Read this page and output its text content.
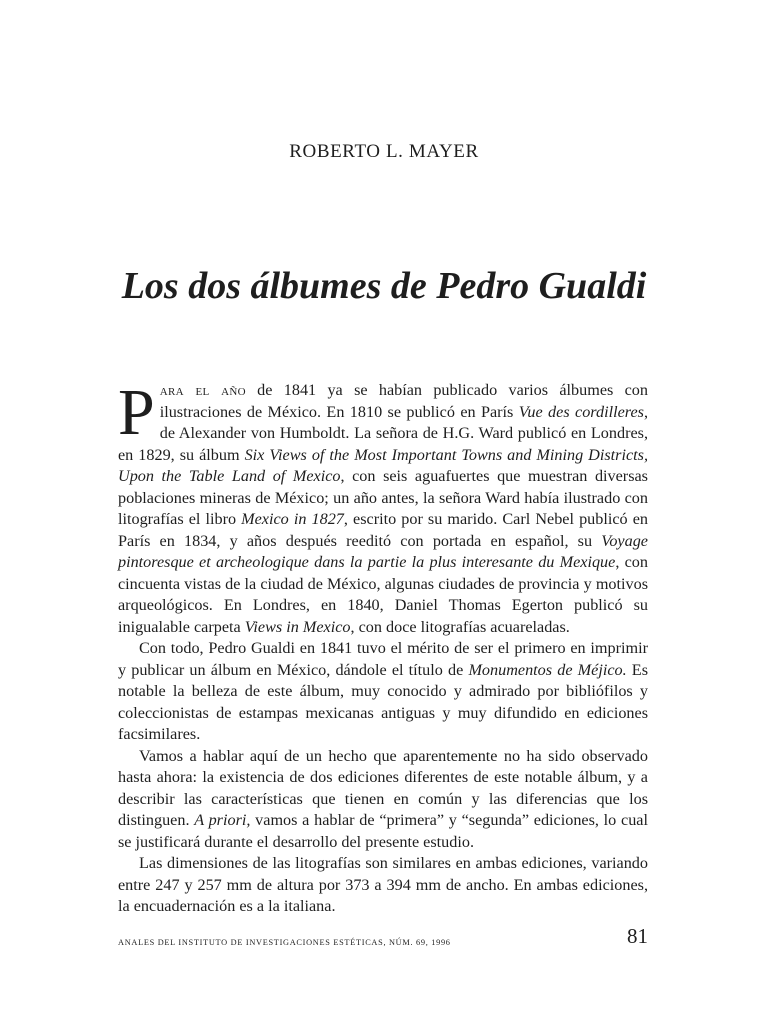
ROBERTO L. MAYER
Los dos álbumes de Pedro Gualdi

Para el año de 1841 ya se habían publicado varios álbumes con ilustraciones de México. En 1810 se publicó en París Vue des cordilleres, de Alexander von Humboldt. La señora de H.G. Ward publicó en Londres, en 1829, su álbum Six Views of the Most Important Towns and Mining Districts, Upon the Table Land of Mexico, con seis aguafuertes que muestran diversas poblaciones mineras de México; un año antes, la señora Ward había ilustrado con litografías el libro Mexico in 1827, escrito por su marido. Carl Nebel publicó en París en 1834, y años después reeditó con portada en español, su Voyage pintoresque et archeologique dans la partie la plus interesante du Mexique, con cincuenta vistas de la ciudad de México, algunas ciudades de provincia y motivos arqueológicos. En Londres, en 1840, Daniel Thomas Egerton publicó su inigualable carpeta Views in Mexico, con doce litografías acuareladas.

Con todo, Pedro Gualdi en 1841 tuvo el mérito de ser el primero en imprimir y publicar un álbum en México, dándole el título de Monumentos de Méjico. Es notable la belleza de este álbum, muy conocido y admirado por bibliófilos y coleccionistas de estampas mexicanas antiguas y muy difundido en ediciones facsimilares.

Vamos a hablar aquí de un hecho que aparentemente no ha sido observado hasta ahora: la existencia de dos ediciones diferentes de este notable álbum, y a describir las características que tienen en común y las diferencias que los distinguen. A priori, vamos a hablar de “primera” y “segunda” ediciones, lo cual se justificará durante el desarrollo del presente estudio.

Las dimensiones de las litografías son similares en ambas ediciones, variando entre 247 y 257 mm de altura por 373 a 394 mm de ancho. En ambas ediciones, la encuadernación es a la italiana.

ANALES DEL INSTITUTO DE INVESTIGACIONES ESTÉTICAS, NÚM. 69, 1996	81
